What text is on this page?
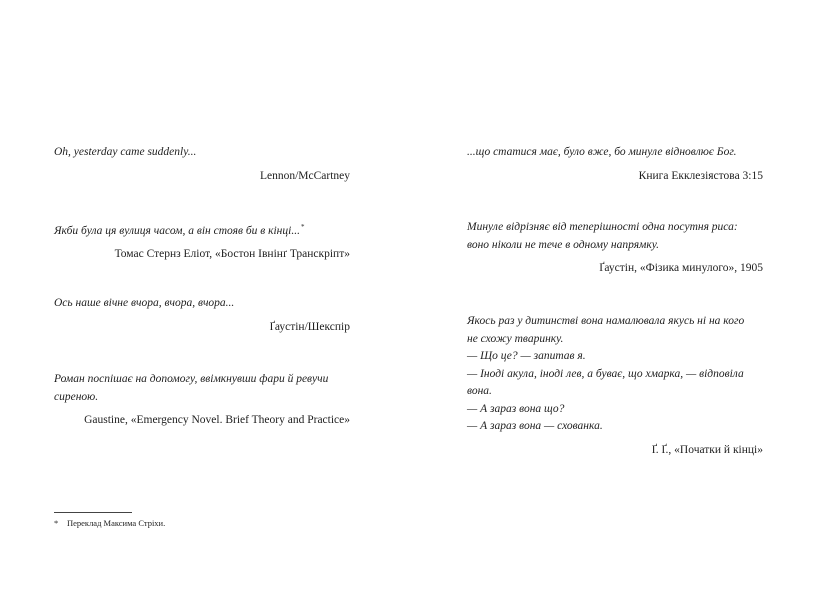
Oh, yesterday came suddenly...

Lennon/McCartney

Якби була ця вулиця часом, а він стояв би в кінці...*

Томас Стернз Еліот, «Бостон Івнінґ Транскріпт»

Ось наше вічне вчора, вчора, вчора...

Ґаустін/Шекспір

Роман поспішає на допомогу, ввімкнувши фари й ревучи
сиреною.

Gaustine, «Emergency Novel. Brief Theory and Practice»

* Переклад Максима Стріхи.

...що статися має, було вже, бо минуле відновлює Бог.

Книга Екклезіястова 3:15

Минуле відрізняє від теперішності одна посутня риса:
воно ніколи не тече в одному напрямку.

Ґаустін, «Фізика минулого», 1905

Якось раз у дитинстві вона намалювала якусь ні на кого
не схожу тваринку.
— Що це? — запитав я.
— Іноді акула, іноді лев, а буває, що хмарка, — відповіла
вона.
— А зараз вона що?
— А зараз вона — схованка.

Ґ. Ґ., «Початки й кінці»
